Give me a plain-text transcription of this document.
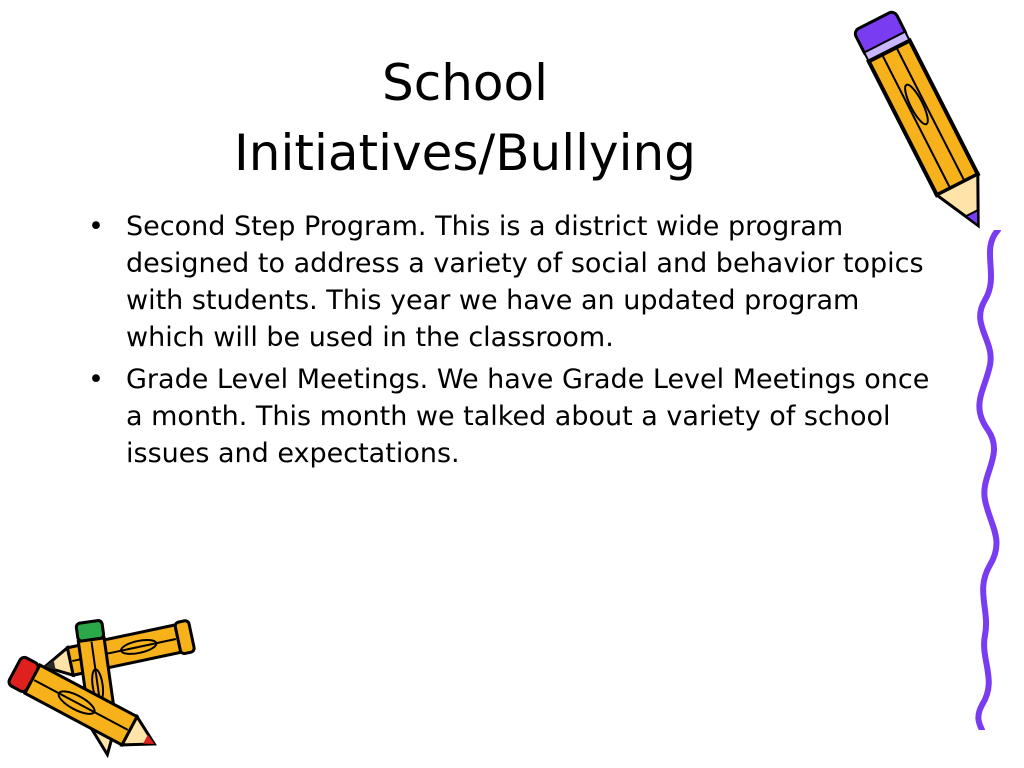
School
Initiatives/Bullying
• Second Step Program. This is a district wide program designed to address a variety of social and behavior topics with students. This year we have an updated program which will be used in the classroom.
• Grade Level Meetings. We have Grade Level Meetings once a month. This month we talked about a variety of school issues and expectations.
